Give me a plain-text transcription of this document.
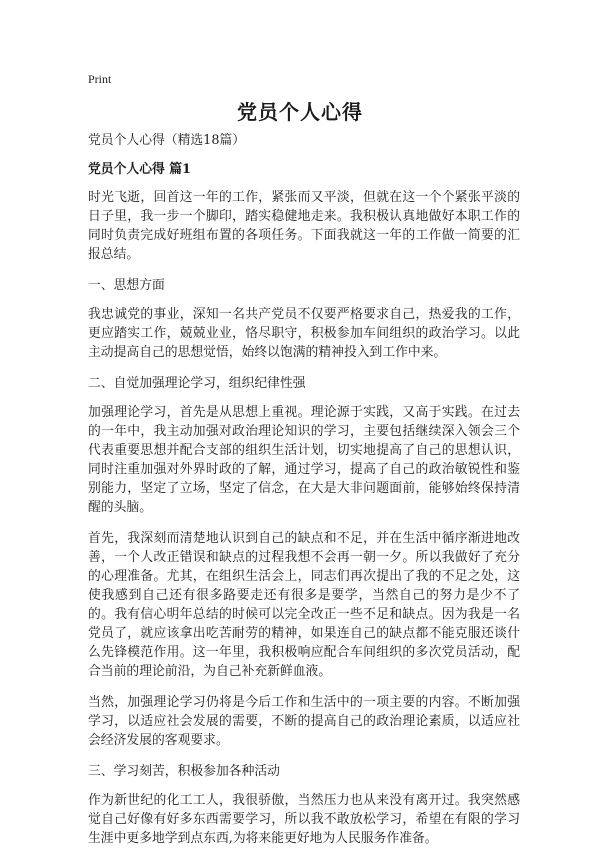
Print
党员个人心得

党员个人心得（精选18篇）

党员个人心得 篇1

时光飞逝，回首这一年的工作，紧张而又平淡，但就在这一个个紧张平淡的日子里，我一步一个脚印，踏实稳健地走来。我积极认真地做好本职工作的同时负责完成好班组布置的各项任务。下面我就这一年的工作做一简要的汇报总结。

一、思想方面

我忠诚党的事业，深知一名共产党员不仅要严格要求自己，热爱我的工作，更应踏实工作，兢兢业业，恪尽职守，积极参加车间组织的政治学习。以此主动提高自己的思想觉悟，始终以饱满的精神投入到工作中来。

二、自觉加强理论学习，组织纪律性强

加强理论学习，首先是从思想上重视。理论源于实践，又高于实践。在过去的一年中，我主动加强对政治理论知识的学习，主要包括继续深入领会三个代表重要思想并配合支部的组织生活计划，切实地提高了自己的思想认识，同时注重加强对外界时政的了解，通过学习，提高了自己的政治敏锐性和鉴别能力，坚定了立场，坚定了信念，在大是大非问题面前，能够始终保持清醒的头脑。

首先，我深刻而清楚地认识到自己的缺点和不足，并在生活中循序渐进地改善，一个人改正错误和缺点的过程我想不会再一朝一夕。所以我做好了充分的心理准备。尤其，在组织生活会上，同志们再次提出了我的不足之处，这使我感到自己还有很多路要走还有很多是要学，当然自己的努力是少不了的。我有信心明年总结的时候可以完全改正一些不足和缺点。因为我是一名党员了，就应该拿出吃苦耐劳的精神，如果连自己的缺点都不能克服还谈什么先锋模范作用。这一年里，我积极响应配合车间组织的多次党员活动，配合当前的理论前沿，为自己补充新鲜血液。

当然，加强理论学习仍将是今后工作和生活中的一项主要的内容。不断加强学习，以适应社会发展的需要，不断的提高自己的政治理论素质，以适应社会经济发展的客观要求。

三、学习刻苦，积极参加各种活动

作为新世纪的化工工人，我很骄傲，当然压力也从来没有离开过。我突然感觉自己好像有好多东西需要学习，所以我不敢放松学习，希望在有限的学习生涯中更多地学到点东西,为将来能更好地为人民服务作准备。
